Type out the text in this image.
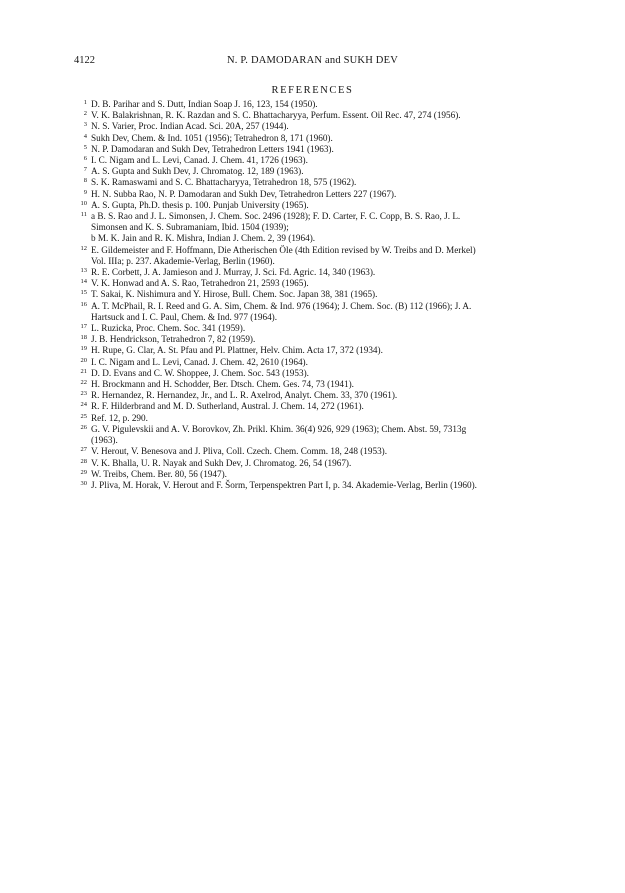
4122	N. P. DAMODARAN and SUKH DEV
REFERENCES
1 D. B. Parihar and S. Dutt, Indian Soap J. 16, 123, 154 (1950).
2 V. K. Balakrishnan, R. K. Razdan and S. C. Bhattacharyya, Perfum. Essent. Oil Rec. 47, 274 (1956).
3 N. S. Varier, Proc. Indian Acad. Sci. 20A, 257 (1944).
4 Sukh Dev, Chem. & Ind. 1051 (1956); Tetrahedron 8, 171 (1960).
5 N. P. Damodaran and Sukh Dev, Tetrahedron Letters 1941 (1963).
6 I. C. Nigam and L. Levi, Canad. J. Chem. 41, 1726 (1963).
7 A. S. Gupta and Sukh Dev, J. Chromatog. 12, 189 (1963).
8 S. K. Ramaswami and S. C. Bhattacharyya, Tetrahedron 18, 575 (1962).
9 H. N. Subba Rao, N. P. Damodaran and Sukh Dev, Tetrahedron Letters 227 (1967).
10 A. S. Gupta, Ph.D. thesis p. 100. Punjab University (1965).
11 a B. S. Rao and J. L. Simonsen, J. Chem. Soc. 2496 (1928); F. D. Carter, F. C. Copp, B. S. Rao, J. L.
Simonsen and K. S. Subramaniam, Ibid. 1504 (1939);
b M. K. Jain and R. K. Mishra, Indian J. Chem. 2, 39 (1964).
12 E. Gildemeister and F. Hoffmann, Die Atherischen Öle (4th Edition revised by W. Treibs and D. Merkel)
Vol. IIIa; p. 237. Akademie-Verlag, Berlin (1960).
13 R. E. Corbett, J. A. Jamieson and J. Murray, J. Sci. Fd. Agric. 14, 340 (1963).
14 V. K. Honwad and A. S. Rao, Tetrahedron 21, 2593 (1965).
15 T. Sakai, K. Nishimura and Y. Hirose, Bull. Chem. Soc. Japan 38, 381 (1965).
16 A. T. McPhail, R. I. Reed and G. A. Sim, Chem. & Ind. 976 (1964); J. Chem. Soc. (B) 112 (1966); J. A.
Hartsuck and I. C. Paul, Chem. & Ind. 977 (1964).
17 L. Ruzicka, Proc. Chem. Soc. 341 (1959).
18 J. B. Hendrickson, Tetrahedron 7, 82 (1959).
19 H. Rupe, G. Clar, A. St. Pfau and Pl. Plattner, Helv. Chim. Acta 17, 372 (1934).
20 I. C. Nigam and L. Levi, Canad. J. Chem. 42, 2610 (1964).
21 D. D. Evans and C. W. Shoppee, J. Chem. Soc. 543 (1953).
22 H. Brockmann and H. Schodder, Ber. Dtsch. Chem. Ges. 74, 73 (1941).
23 R. Hernandez, R. Hernandez, Jr., and L. R. Axelrod, Analyt. Chem. 33, 370 (1961).
24 R. F. Hilderbrand and M. D. Sutherland, Austral. J. Chem. 14, 272 (1961).
25 Ref. 12, p. 290.
26 G. V. Pigulevskii and A. V. Borovkov, Zh. Prikl. Khim. 36(4) 926, 929 (1963); Chem. Abst. 59, 7313g
(1963).
27 V. Herout, V. Benesova and J. Pliva, Coll. Czech. Chem. Comm. 18, 248 (1953).
28 V. K. Bhalla, U. R. Nayak and Sukh Dev, J. Chromatog. 26, 54 (1967).
29 W. Treibs, Chem. Ber. 80, 56 (1947).
30 J. Pliva, M. Horak, V. Herout and F. Šorm, Terpenspektren Part I, p. 34. Akademie-Verlag, Berlin (1960).
